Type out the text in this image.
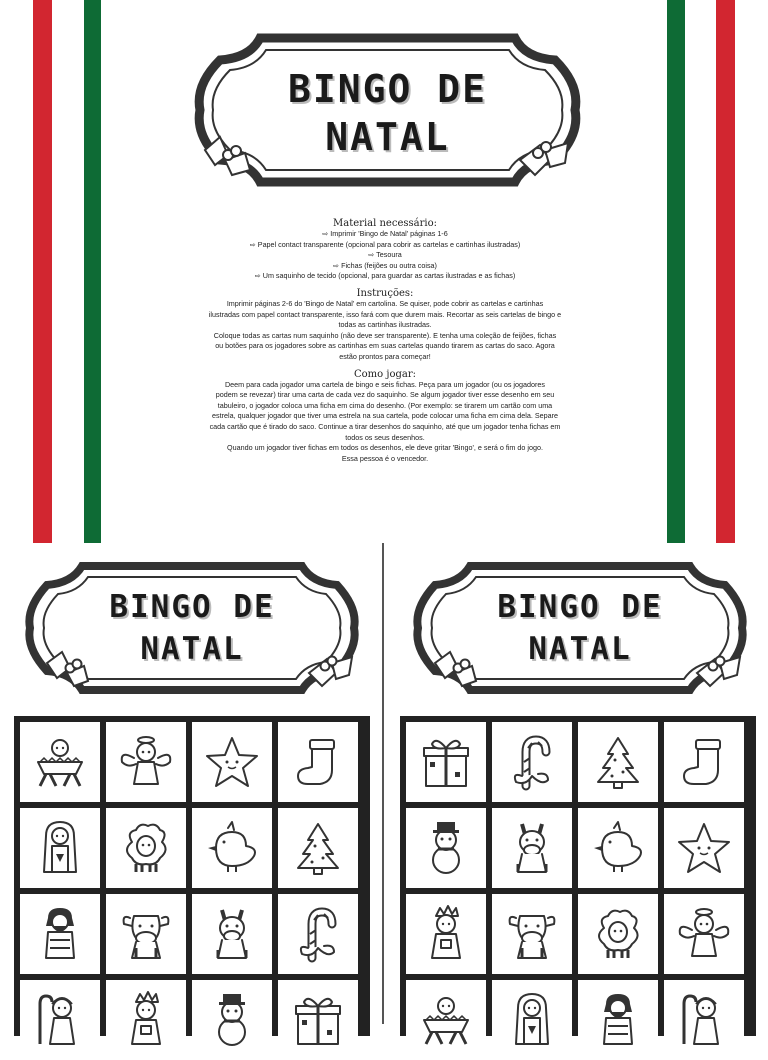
BINGO DE
NATAL

Material necessário:

⇨ Imprimir 'Bingo de Natal' páginas 1-6

⇨ Papel contact transparente (opcional para cobrir as cartelas e cartinhas ilustradas)

⇨ Tesoura

⇨ Fichas (feijões ou outra coisa)

⇨ Um saquinho de tecido (opcional, para guardar as cartas ilustradas e as fichas)

Instruções:

Imprimir páginas 2-6 do 'Bingo de Natal' em cartolina. Se quiser, pode cobrir as cartelas e cartinhas

ilustradas com papel contact transparente, isso fará com que durem mais. Recortar as seis cartelas de bingo e

todas as cartinhas ilustradas.

Coloque todas as cartas num saquinho (não deve ser transparente). E tenha uma coleção de feijões, fichas

ou botões para os jogadores sobre as cartinhas em suas cartelas quando tirarem as cartas do saco. Agora

estão prontos para começar!

Como jogar:

Deem para cada jogador uma cartela de bingo e seis fichas. Peça para um jogador (ou os jogadores

podem se revezar) tirar uma carta de cada vez do saquinho. Se algum jogador tiver esse desenho em seu

tabuleiro, o jogador coloca uma ficha em cima do desenho. (Por exemplo: se tirarem um cartão com uma

estrela, qualquer jogador que tiver uma estrela na sua cartela, pode colocar uma ficha em cima dela. Separe

cada cartão que é tirado do saco. Continue a tirar desenhos do saquinho, até que um jogador tenha fichas em

todos os seus desenhos.

Quando um jogador tiver fichas em todos os desenhos, ele deve gritar 'Bingo', e será o fim do jogo.

Essa pessoa é o vencedor.

BINGO DE
NATAL
BINGO DE
NATAL
